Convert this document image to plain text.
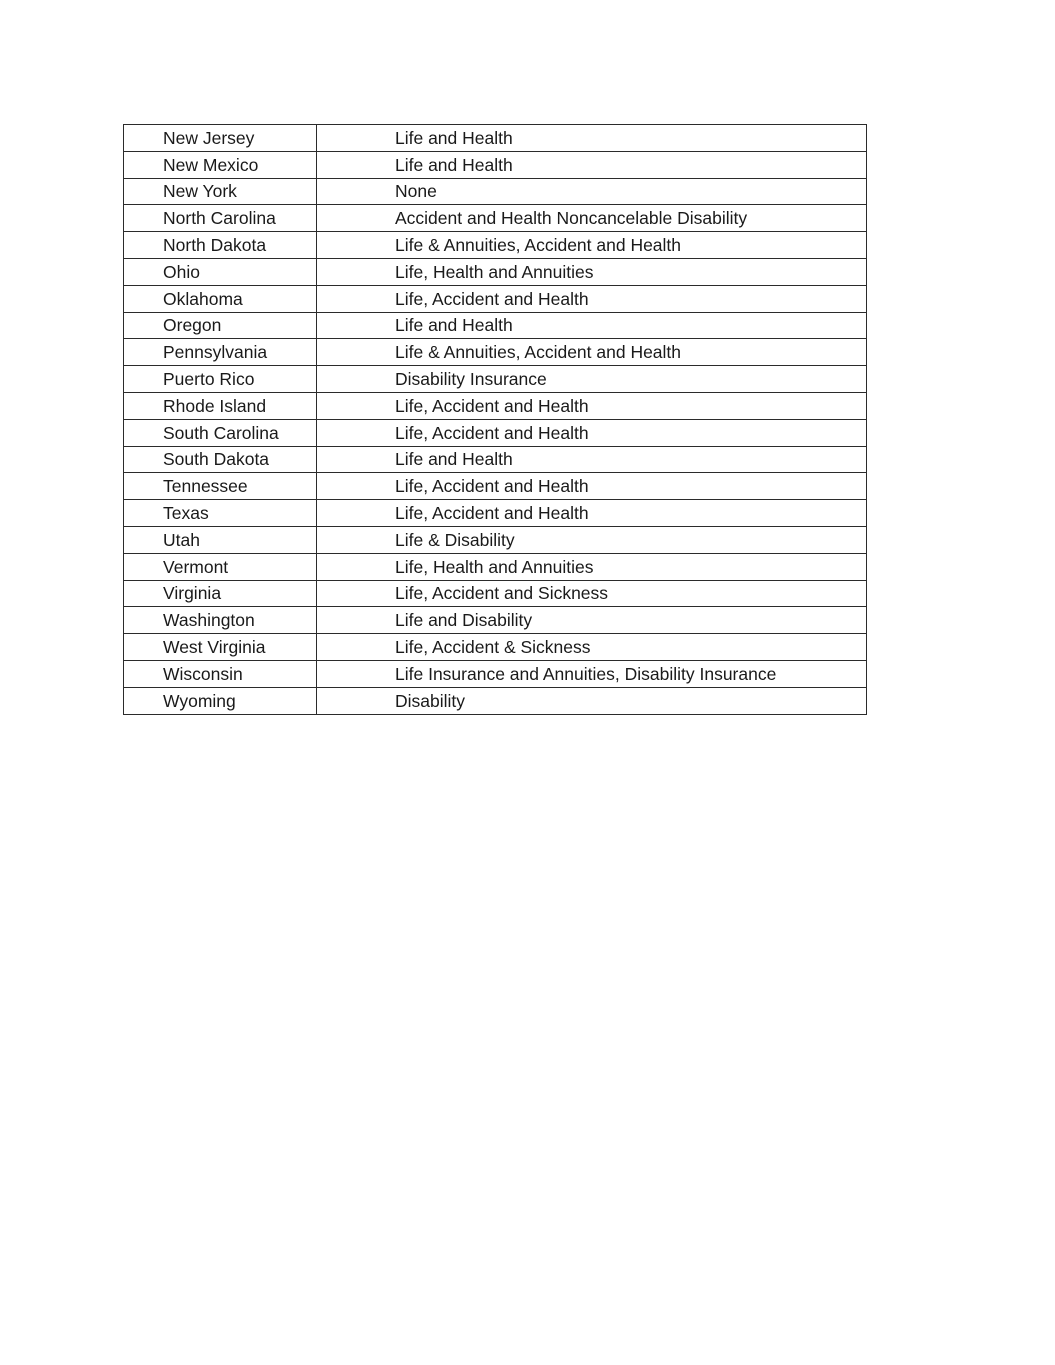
New Jersey	Life and Health
New Mexico	Life and Health
New York	None
North Carolina	Accident and Health Noncancelable Disability
North Dakota	Life & Annuities, Accident and Health
Ohio	Life, Health and Annuities
Oklahoma	Life, Accident and Health
Oregon	Life and Health
Pennsylvania	Life & Annuities, Accident and Health
Puerto Rico	Disability Insurance
Rhode Island	Life, Accident and Health
South Carolina	Life, Accident and Health
South Dakota	Life and Health
Tennessee	Life, Accident and Health
Texas	Life, Accident and Health
Utah	Life & Disability
Vermont	Life, Health and Annuities
Virginia	Life, Accident and Sickness
Washington	Life and Disability
West Virginia	Life, Accident & Sickness
Wisconsin	Life Insurance and Annuities, Disability Insurance
Wyoming	Disability
